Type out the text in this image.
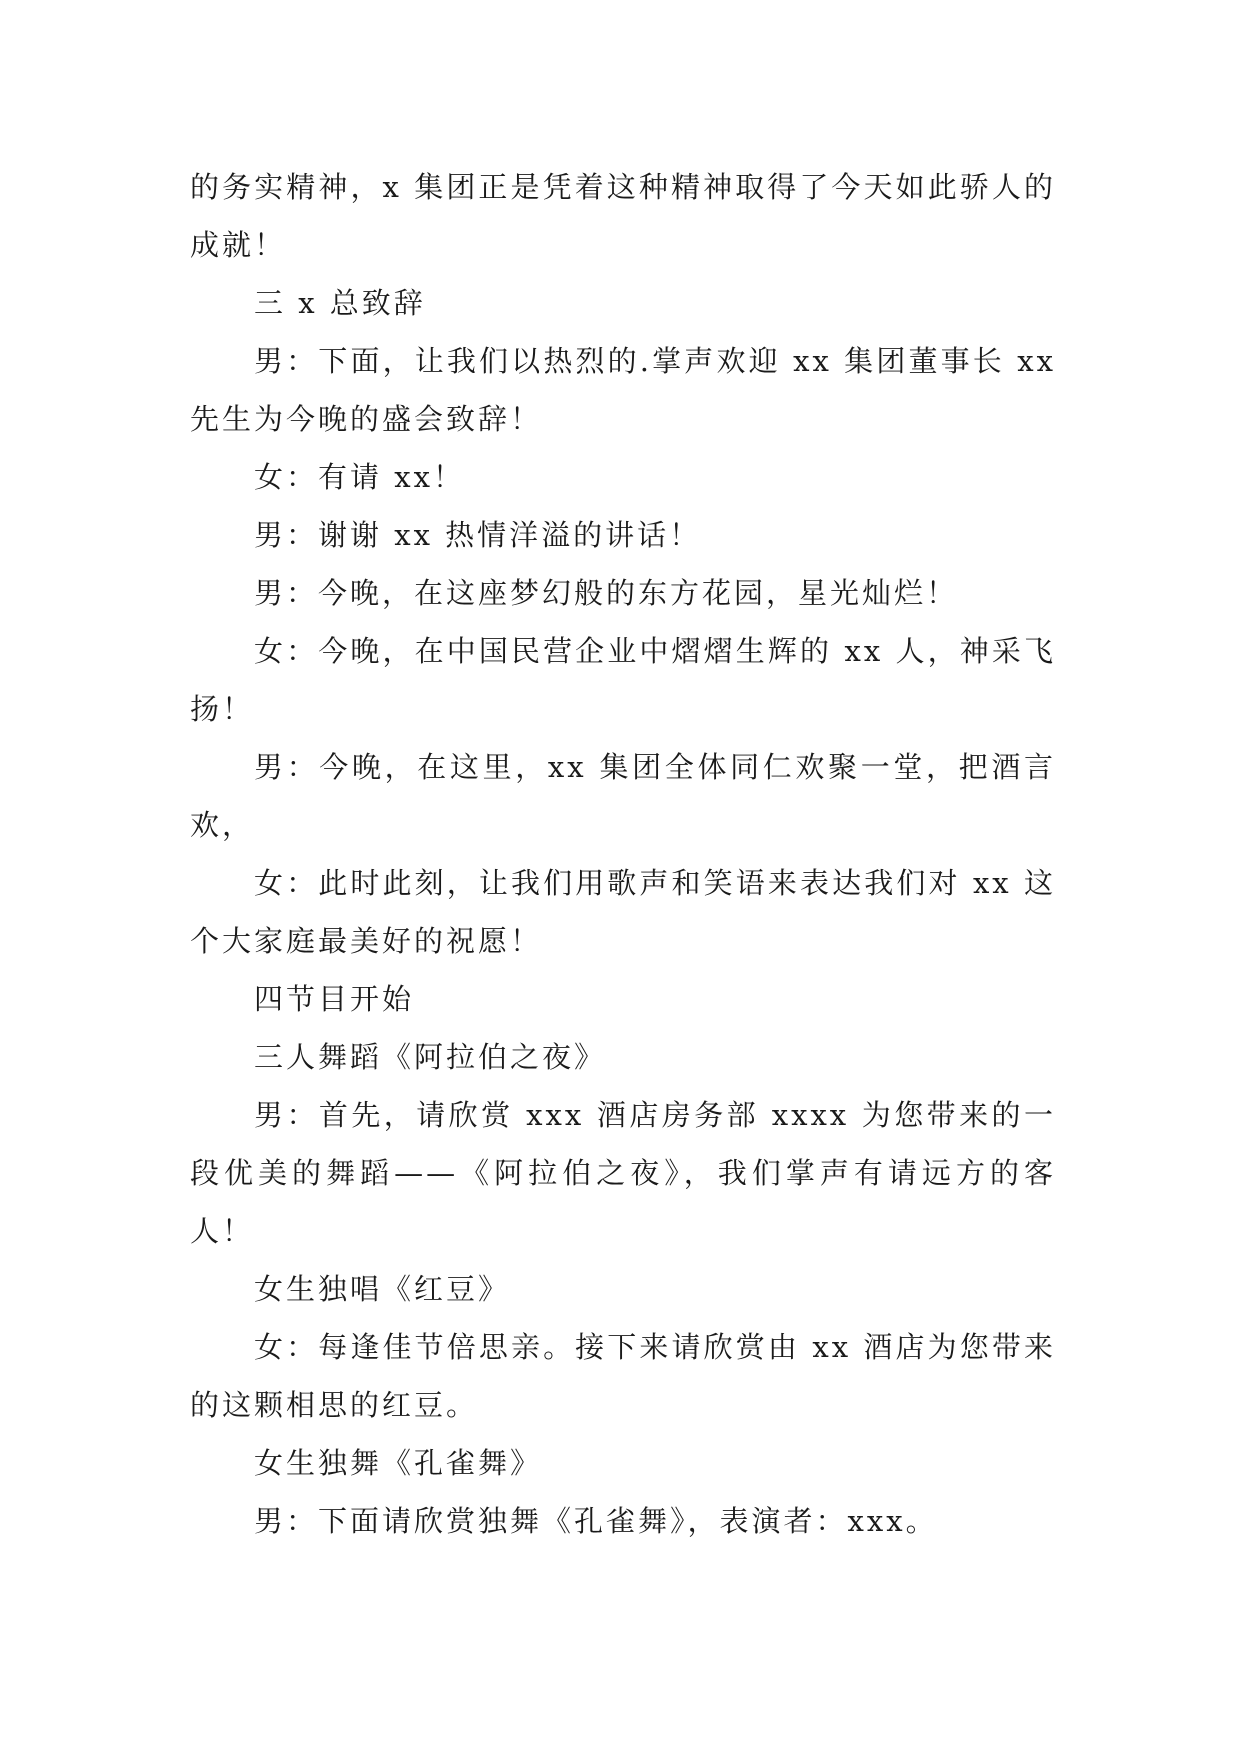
的务实精神，x 集团正是凭着这种精神取得了今天如此骄人的成就！

三 x 总致辞

男：下面，让我们以热烈的.掌声欢迎 xx 集团董事长 xx 先生为今晚的盛会致辞！

女：有请 xx！

男：谢谢 xx 热情洋溢的讲话！

男：今晚，在这座梦幻般的东方花园，星光灿烂！

女：今晚，在中国民营企业中熠熠生辉的 xx 人，神采飞扬！

男：今晚，在这里，xx 集团全体同仁欢聚一堂，把酒言欢，

女：此时此刻，让我们用歌声和笑语来表达我们对 xx 这个大家庭最美好的祝愿！

四节目开始

三人舞蹈《阿拉伯之夜》

男：首先，请欣赏 xxx 酒店房务部 xxxx 为您带来的一段优美的舞蹈——《阿拉伯之夜》，我们掌声有请远方的客人！

女生独唱《红豆》

女：每逢佳节倍思亲。接下来请欣赏由 xx 酒店为您带来的这颗相思的红豆。

女生独舞《孔雀舞》

男：下面请欣赏独舞《孔雀舞》，表演者：xxx。
